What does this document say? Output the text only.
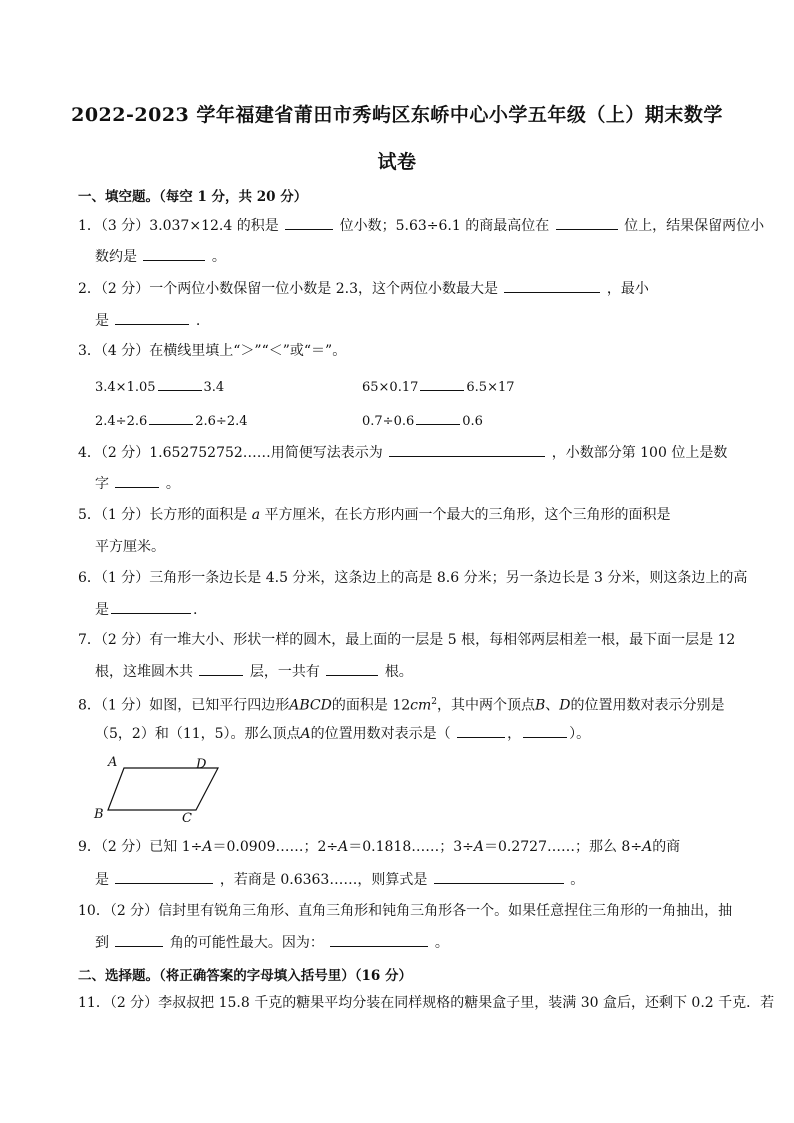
2022-2023 学年福建省莆田市秀屿区东峤中心小学五年级（上）期末数学
试卷
一、填空题。（每空 1 分，共 20 分）
1．（3 分）3.037×12.4 的积是	位小数；5.63÷6.1 的商最高位在	位上，结果保留两位小
数约是	。
2．（2 分）一个两位小数保留一位小数是 2.3，这个两位小数最大是	，最小
是	.
3．（4 分）在横线里填上“＞”“＜”或“＝”。
3.4×1.05	3.4	65×0.17	6.5×17
2.4÷2.6	2.6÷2.4	0.7÷0.6	0.6
4．（2 分）1.652752752……用简便写法表示为	，小数部分第 100 位上是数
字	。
5．（1 分）长方形的面积是 a 平方厘米，在长方形内画一个最大的三角形，这个三角形的面积是
平方厘米。
6．（1 分）三角形一条边长是 4.5 分米，这条边上的高是 8.6 分米；另一条边长是 3 分米，则这条边上的高
是	.
7．（2 分）有一堆大小、形状一样的圆木，最上面的一层是 5 根，每相邻两层相差一根，最下面一层是 12
根，这堆圆木共	层，一共有	根。
8．（1 分）如图，已知平行四边形ABCD的面积是 $12cm^2$，其中两个顶点B、D的位置用数对表示分别是
（5，2）和（11，5）。那么顶点A的位置用数对表示是（	，	）。
A	D
B	C
9．（2 分）已知 1÷A＝0.0909……；2÷A＝0.1818……；3÷A＝0.2727……；那么 8÷A的商
是	，若商是 0.6363……，则算式是	。
10．（2 分）信封里有锐角三角形、直角三角形和钝角三角形各一个。如果任意捏住三角形的一角抽出，抽
到	角的可能性最大。因为：	。
二、选择题。（将正确答案的字母填入括号里）（16 分）
11．（2 分）李叔叔把 15.8 千克的糖果平均分装在同样规格的糖果盒子里，装满 30 盒后，还剩下 0.2 千克．若
